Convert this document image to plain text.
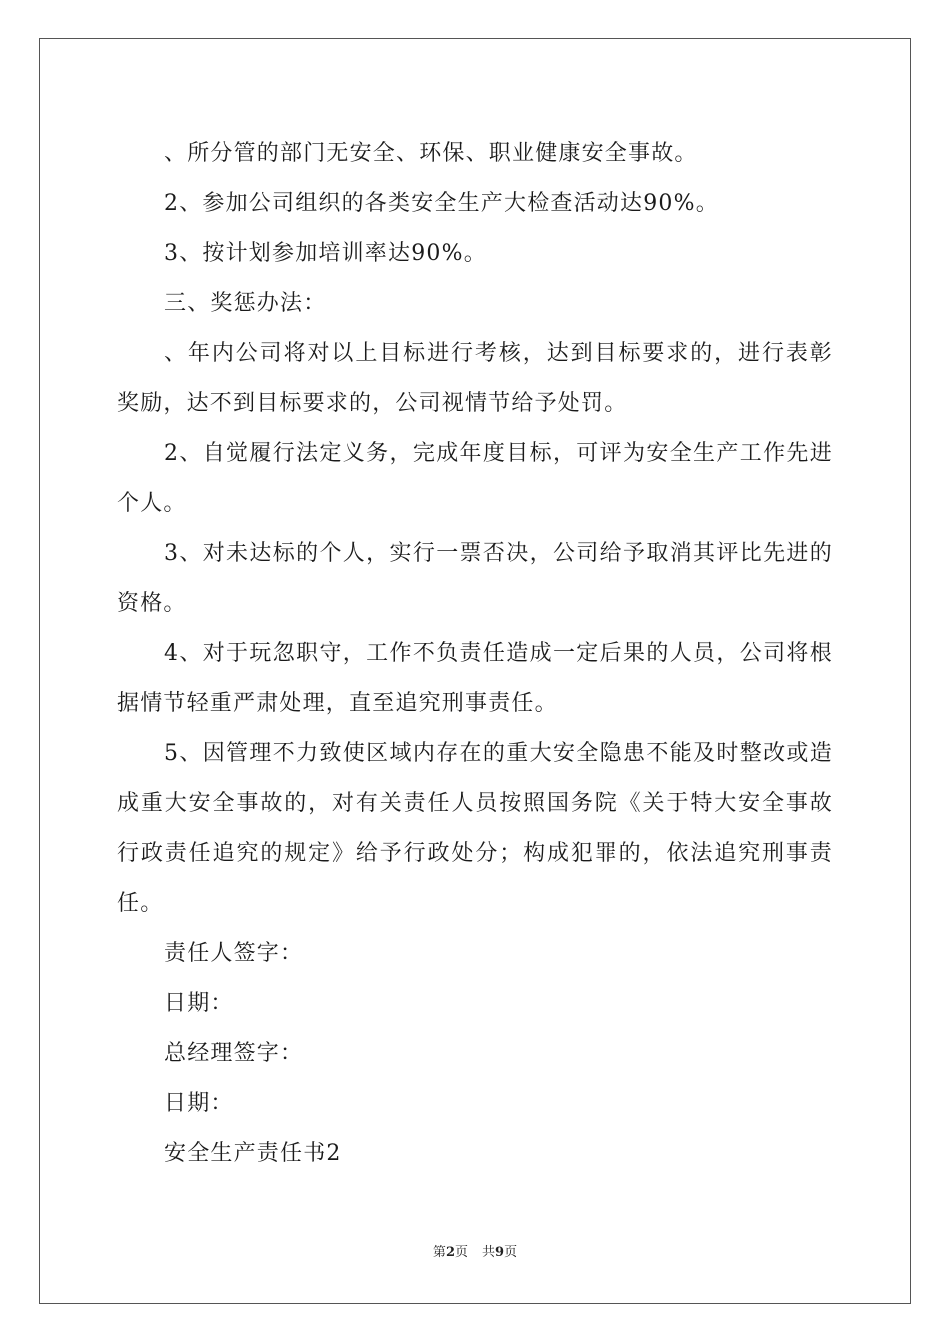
、所分管的部门无安全、环保、职业健康安全事故。

2、参加公司组织的各类安全生产大检查活动达90%。

3、按计划参加培训率达90%。

三、奖惩办法：

、年内公司将对以上目标进行考核，达到目标要求的，进行表彰奖励，达不到目标要求的，公司视情节给予处罚。

2、自觉履行法定义务，完成年度目标，可评为安全生产工作先进个人。

3、对未达标的个人，实行一票否决，公司给予取消其评比先进的资格。

4、对于玩忽职守，工作不负责任造成一定后果的人员，公司将根据情节轻重严肃处理，直至追究刑事责任。

5、因管理不力致使区域内存在的重大安全隐患不能及时整改或造成重大安全事故的，对有关责任人员按照国务院《关于特大安全事故行政责任追究的规定》给予行政处分；构成犯罪的，依法追究刑事责任。

责任人签字：

日期：

总经理签字：

日期：

安全生产责任书2

第2页 共9页
